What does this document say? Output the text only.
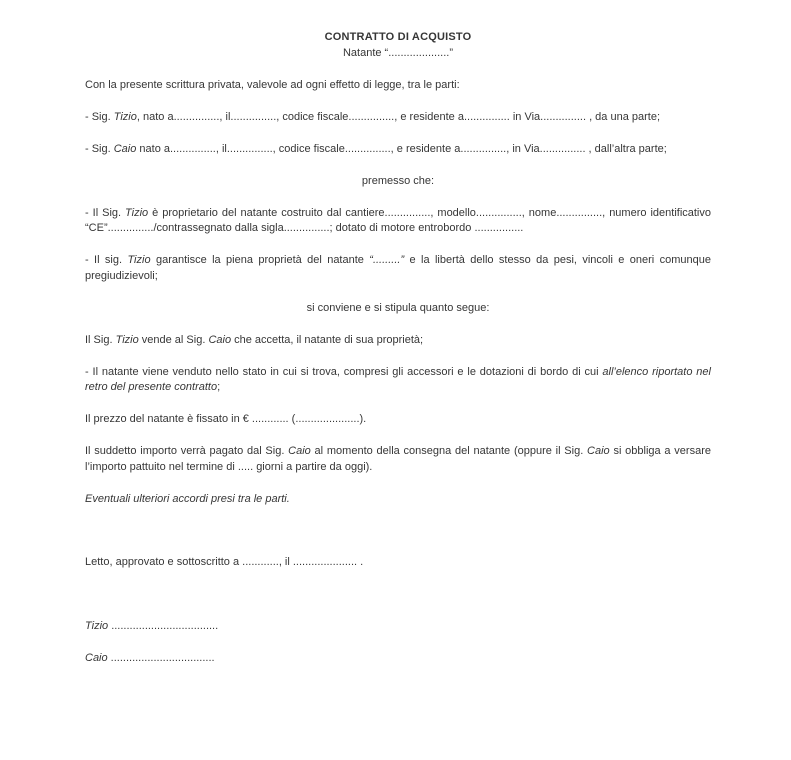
CONTRATTO DI ACQUISTO

Natante “....................”

Con la presente scrittura privata, valevole ad ogni effetto di legge, tra le parti:

- Sig. Tizio, nato a..............., il..............., codice fiscale..............., e residente a............... in Via............... , da una parte;

- Sig. Caio nato a..............., il..............., codice fiscale..............., e residente a..............., in Via............... , dall’altra parte;

premesso che:

- Il Sig. Tizio è proprietario del natante costruito dal cantiere..............., modello..............., nome..............., numero identificativo “CE”.............../contrassegnato dalla sigla...............; dotato di motore entrobordo ................

- Il sig. Tizio garantisce la piena proprietà del natante “.........” e la libertà dello stesso da pesi, vincoli e oneri comunque pregiudizievoli;

si conviene e si stipula quanto segue:

Il Sig. Tizio vende al Sig. Caio che accetta, il natante di sua proprietà;

- Il natante viene venduto nello stato in cui si trova, compresi gli accessori e le dotazioni di bordo di cui all’elenco riportato nel retro del presente contratto;

Il prezzo del natante è fissato in € ............ (.....................).

Il suddetto importo verrà pagato dal Sig. Caio al momento della consegna del natante (oppure il Sig. Caio si obbliga a versare l’importo pattuito nel termine di ..... giorni a partire da oggi).

Eventuali ulteriori accordi presi tra le parti.

Letto, approvato e sottoscritto a ............, il ..................... .

Tizio ...................................

Caio ..................................
